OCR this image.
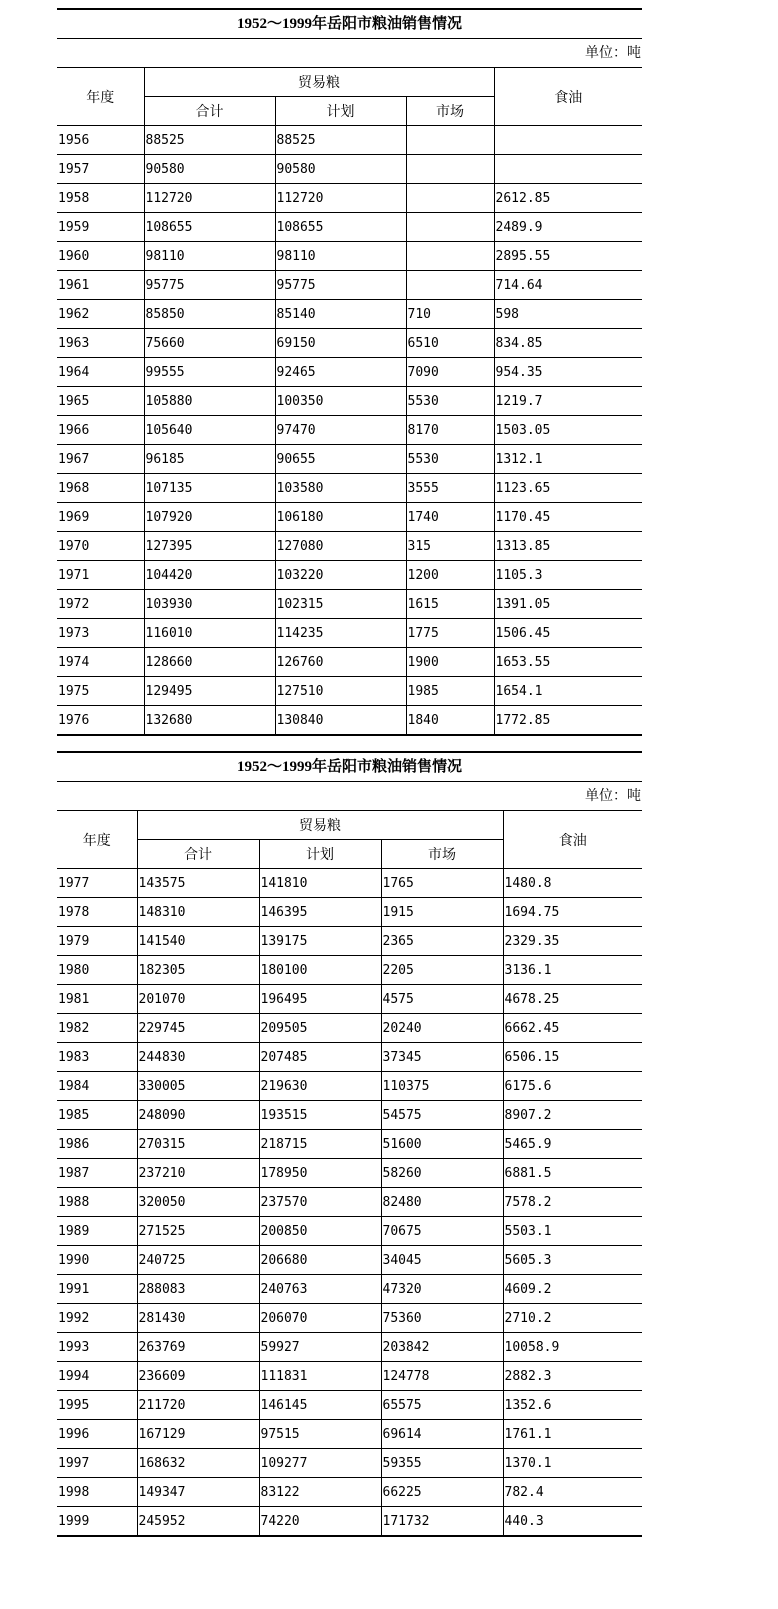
1952～1999年岳阳市粮油销售情况
单位：吨
年度	贸易粮			食油
	合计	计划	市场	
1956	88525	88525		
1957	90580	90580		
1958	112720	112720		2612.85
1959	108655	108655		2489.9
1960	98110	98110		2895.55
1961	95775	95775		714.64
1962	85850	85140	710	598
1963	75660	69150	6510	834.85
1964	99555	92465	7090	954.35
1965	105880	100350	5530	1219.7
1966	105640	97470	8170	1503.05
1967	96185	90655	5530	1312.1
1968	107135	103580	3555	1123.65
1969	107920	106180	1740	1170.45
1970	127395	127080	315	1313.85
1971	104420	103220	1200	1105.3
1972	103930	102315	1615	1391.05
1973	116010	114235	1775	1506.45
1974	128660	126760	1900	1653.55
1975	129495	127510	1985	1654.1
1976	132680	130840	1840	1772.85
1952～1999年岳阳市粮油销售情况
单位：吨
年度	贸易粮			食油
	合计	计划	市场	
1977	143575	141810	1765	1480.8
1978	148310	146395	1915	1694.75
1979	141540	139175	2365	2329.35
1980	182305	180100	2205	3136.1
1981	201070	196495	4575	4678.25
1982	229745	209505	20240	6662.45
1983	244830	207485	37345	6506.15
1984	330005	219630	110375	6175.6
1985	248090	193515	54575	8907.2
1986	270315	218715	51600	5465.9
1987	237210	178950	58260	6881.5
1988	320050	237570	82480	7578.2
1989	271525	200850	70675	5503.1
1990	240725	206680	34045	5605.3
1991	288083	240763	47320	4609.2
1992	281430	206070	75360	2710.2
1993	263769	59927	203842	10058.9
1994	236609	111831	124778	2882.3
1995	211720	146145	65575	1352.6
1996	167129	97515	69614	1761.1
1997	168632	109277	59355	1370.1
1998	149347	83122	66225	782.4
1999	245952	74220	171732	440.3
